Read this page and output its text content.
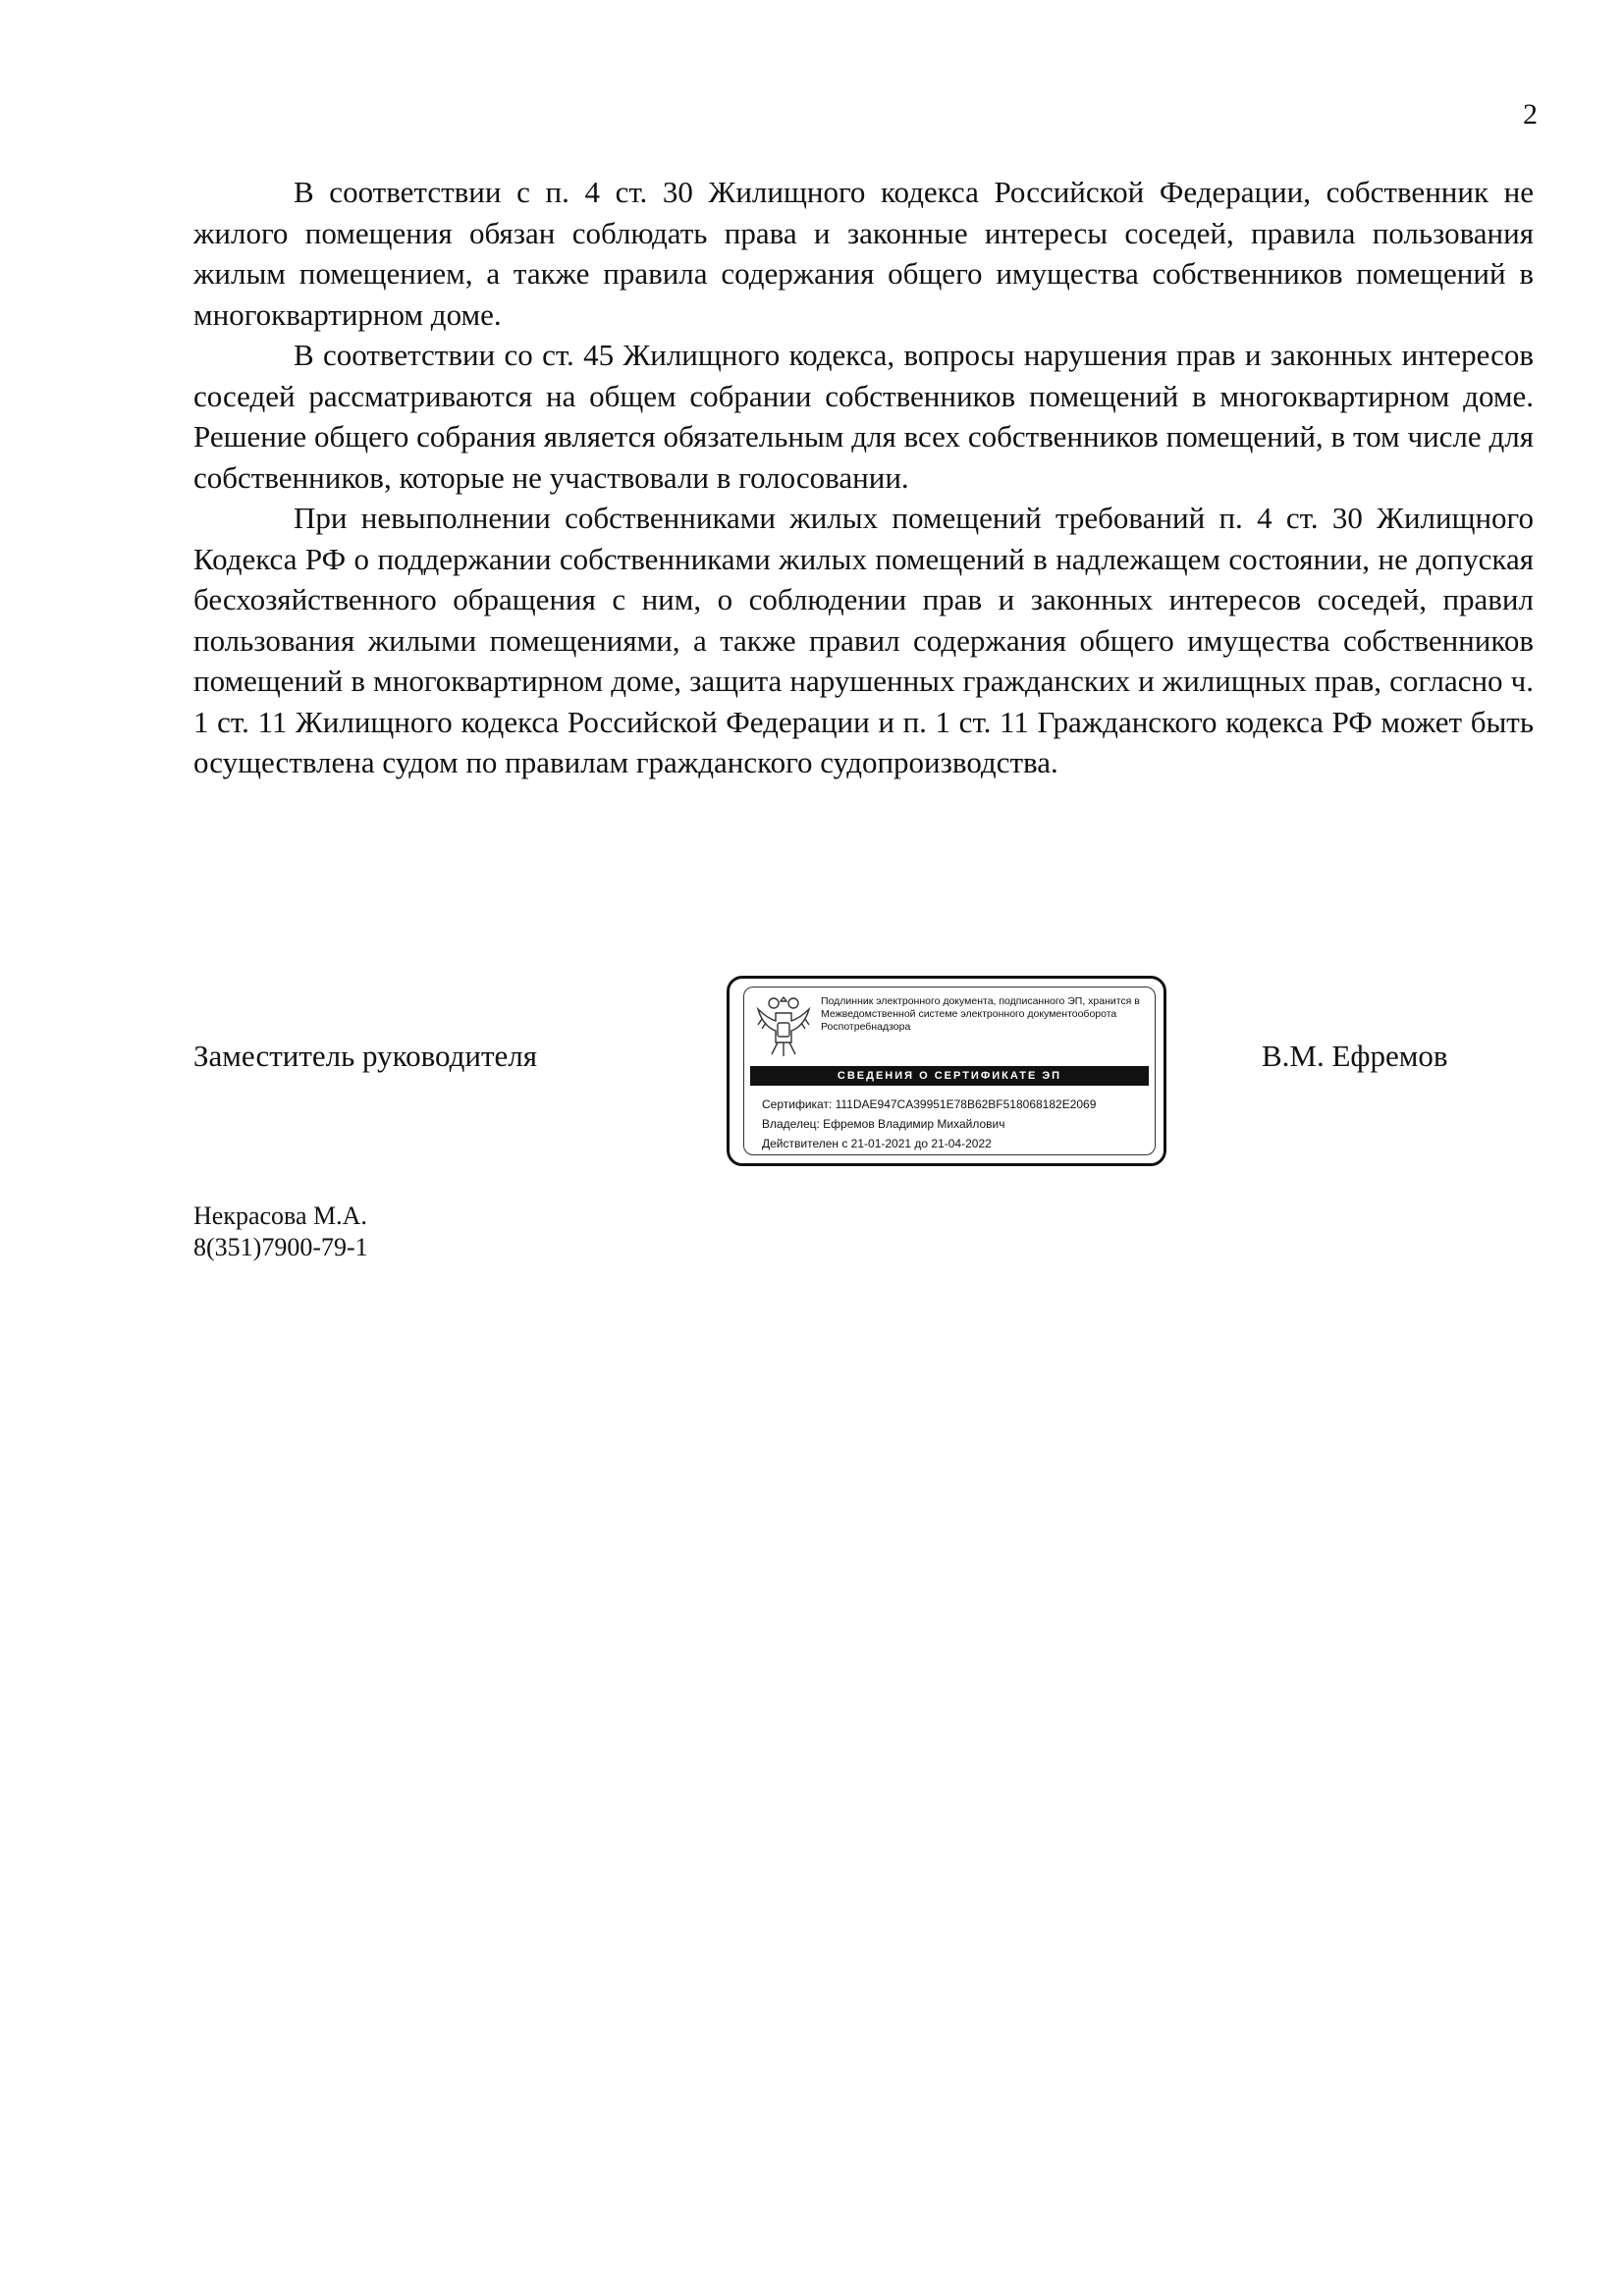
2

В соответствии с п. 4 ст. 30 Жилищного кодекса Российской Федерации, собственник не жилого помещения обязан соблюдать права и законные интересы соседей, правила пользования жилым помещением, а также правила содержания общего имущества собственников помещений в многоквартирном доме.

В соответствии со ст. 45 Жилищного кодекса, вопросы нарушения прав и законных интересов соседей рассматриваются на общем собрании собственников помещений в многоквартирном доме. Решение общего собрания является обязательным для всех собственников помещений, в том числе для собственников, которые не участвовали в голосовании.

При невыполнении собственниками жилых помещений требований п. 4 ст. 30 Жилищного Кодекса РФ о поддержании собственниками жилых помещений в надлежащем состоянии, не допуская бесхозяйственного обращения с ним, о соблюдении прав и законных интересов соседей, правил пользования жилыми помещениями, а также правил содержания общего имущества собственников помещений в многоквартирном доме, защита нарушенных гражданских и жилищных прав, согласно ч. 1 ст. 11 Жилищного кодекса Российской Федерации и п. 1 ст. 11 Гражданского кодекса РФ может быть осуществлена судом по правилам гражданского судопроизводства.

Заместитель руководителя
Подлинник электронного документа, подписанного ЭП, хранится в Межведомственной системе электронного документооборота Роспотребнадзора
СВЕДЕНИЯ О СЕРТИФИКАТЕ ЭП
Сертификат: 111DAE947CA39951E78B62BF518068182E2069
Владелец: Ефремов Владимир Михайлович
Действителен с 21-01-2021 до 21-04-2022
В.М. Ефремов
Некрасова М.А.
8(351)7900-79-1
